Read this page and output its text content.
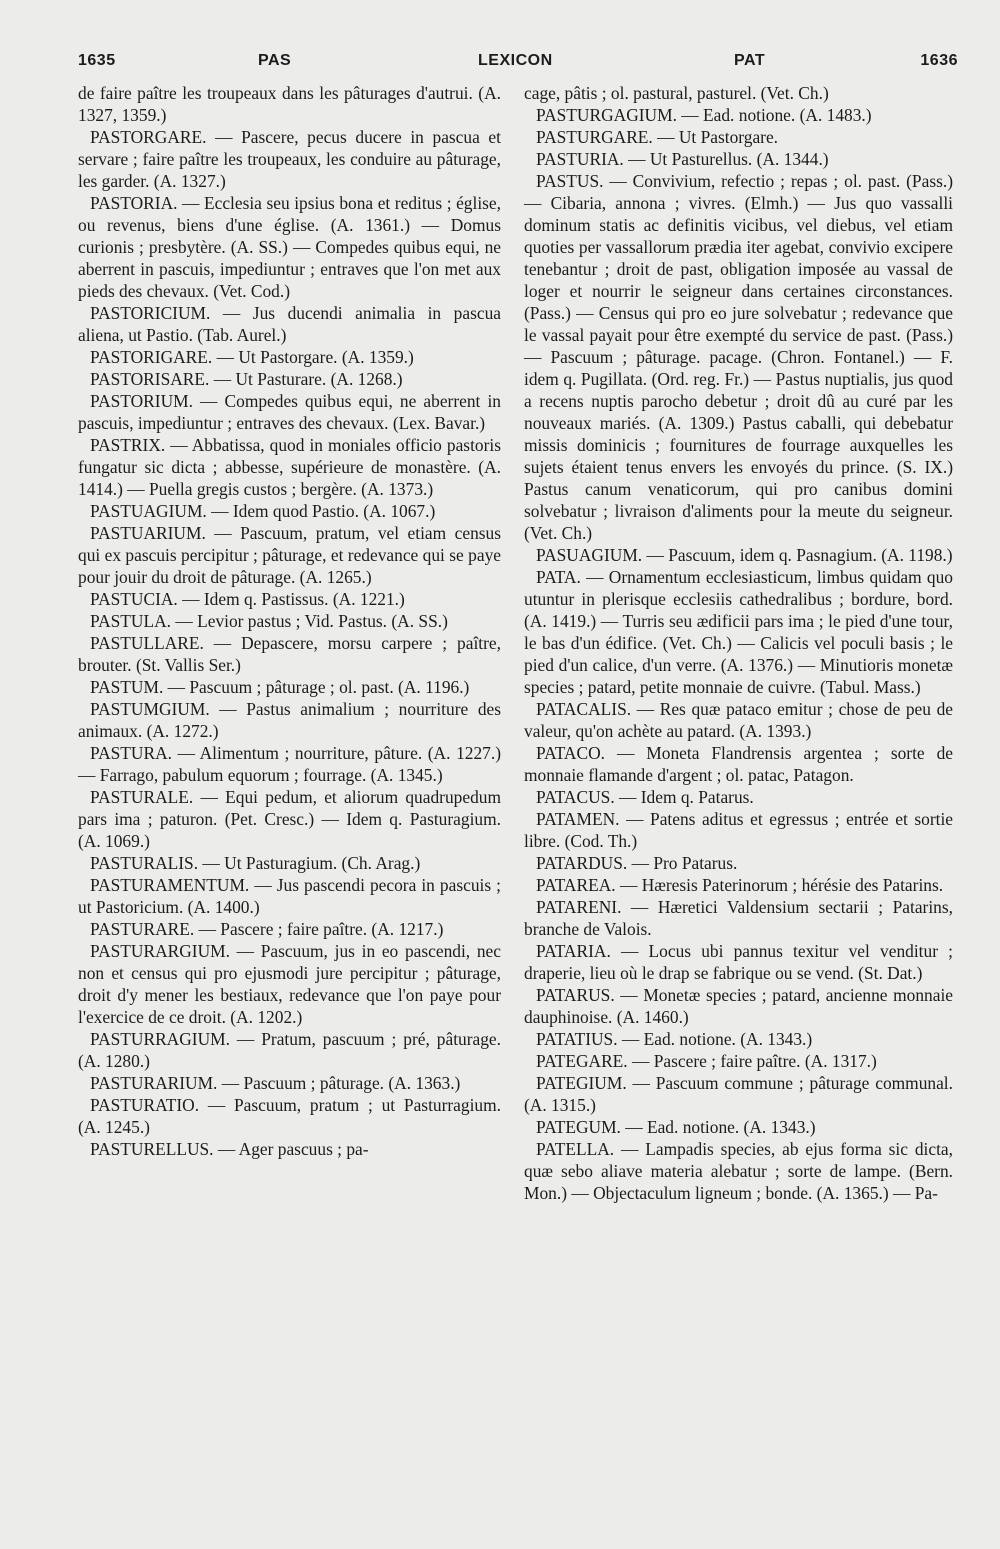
1635	PAS	LEXICON	PAT	1636

de faire paître les troupeaux dans les pâturages d'autrui. (A. 1327, 1359.)

PASTORGARE. — Pascere, pecus ducere in pascua et servare ; faire paître les troupeaux, les conduire au pâturage, les garder. (A. 1327.)

PASTORIA. — Ecclesia seu ipsius bona et reditus ; église, ou revenus, biens d'une église. (A. 1361.) — Domus curionis ; presbytère. (A. SS.) — Compedes quibus equi, ne aberrent in pascuis, impediuntur ; entraves que l'on met aux pieds des chevaux. (Vet. Cod.)

PASTORICIUM. — Jus ducendi animalia in pascua aliena, ut Pastio. (Tab. Aurel.)

PASTORIGARE. — Ut Pastorgare. (A. 1359.)

PASTORISARE. — Ut Pasturare. (A. 1268.)

PASTORIUM. — Compedes quibus equi, ne aberrent in pascuis, impediuntur ; entraves des chevaux. (Lex. Bavar.)

PASTRIX. — Abbatissa, quod in moniales officio pastoris fungatur sic dicta ; abbesse, supérieure de monastère. (A. 1414.) — Puella gregis custos ; bergère. (A. 1373.)

PASTUAGIUM. — Idem quod Pastio. (A. 1067.)

PASTUARIUM. — Pascuum, pratum, vel etiam census qui ex pascuis percipitur ; pâturage, et redevance qui se paye pour jouir du droit de pâturage. (A. 1265.)

PASTUCIA. — Idem q. Pastissus. (A. 1221.)

PASTULA. — Levior pastus ; Vid. Pastus. (A. SS.)

PASTULLARE. — Depascere, morsu carpere ; paître, brouter. (St. Vallis Ser.)

PASTUM. — Pascuum ; pâturage ; ol. past. (A. 1196.)

PASTUMGIUM. — Pastus animalium ; nourriture des animaux. (A. 1272.)

PASTURA. — Alimentum ; nourriture, pâture. (A. 1227.) — Farrago, pabulum equorum ; fourrage. (A. 1345.)

PASTURALE. — Equi pedum, et aliorum quadrupedum pars ima ; paturon. (Pet. Cresc.) — Idem q. Pasturagium. (A. 1069.)

PASTURALIS. — Ut Pasturagium. (Ch. Arag.)

PASTURAMENTUM. — Jus pascendi pecora in pascuis ; ut Pastoricium. (A. 1400.)

PASTURARE. — Pascere ; faire paître. (A. 1217.)

PASTURARGIUM. — Pascuum, jus in eo pascendi, nec non et census qui pro ejusmodi jure percipitur ; pâturage, droit d'y mener les bestiaux, redevance que l'on paye pour l'exercice de ce droit. (A. 1202.)

PASTURRAGIUM. — Pratum, pascuum ; pré, pâturage. (A. 1280.)

PASTURARIUM. — Pascuum ; pâturage. (A. 1363.)

PASTURATIO. — Pascuum, pratum ; ut Pasturragium. (A. 1245.)

PASTURELLUS. — Ager pascuus ; pa-

cage, pâtis ; ol. pastural, pasturel. (Vet. Ch.)

PASTURGAGIUM. — Ead. notione. (A. 1483.)

PASTURGARE. — Ut Pastorgare.

PASTURIA. — Ut Pasturellus. (A. 1344.)

PASTUS. — Convivium, refectio ; repas ; ol. past. (Pass.) — Cibaria, annona ; vivres. (Elmh.) — Jus quo vassalli dominum statis ac definitis vicibus, vel diebus, vel etiam quoties per vassallorum prædia iter agebat, convivio excipere tenebantur ; droit de past, obligation imposée au vassal de loger et nourrir le seigneur dans certaines circonstances. (Pass.) — Census qui pro eo jure solvebatur ; redevance que le vassal payait pour être exempté du service de past. (Pass.) — Pascuum ; pâturage. pacage. (Chron. Fontanel.) — F. idem q. Pugillata. (Ord. reg. Fr.) — Pastus nuptialis, jus quod a recens nuptis parocho debetur ; droit dû au curé par les nouveaux mariés. (A. 1309.) Pastus caballi, qui debebatur missis dominicis ; fournitures de fourrage auxquelles les sujets étaient tenus envers les envoyés du prince. (S. IX.) Pastus canum venaticorum, qui pro canibus domini solvebatur ; livraison d'aliments pour la meute du seigneur. (Vet. Ch.)

PASUAGIUM. — Pascuum, idem q. Pasnagium. (A. 1198.)

PATA. — Ornamentum ecclesiasticum, limbus quidam quo utuntur in plerisque ecclesiis cathedralibus ; bordure, bord. (A. 1419.) — Turris seu ædificii pars ima ; le pied d'une tour, le bas d'un édifice. (Vet. Ch.) — Calicis vel poculi basis ; le pied d'un calice, d'un verre. (A. 1376.) — Minutioris monetæ species ; patard, petite monnaie de cuivre. (Tabul. Mass.)

PATACALIS. — Res quæ pataco emitur ; chose de peu de valeur, qu'on achète au patard. (A. 1393.)

PATACO. — Moneta Flandrensis argentea ; sorte de monnaie flamande d'argent ; ol. patac, Patagon.

PATACUS. — Idem q. Patarus.

PATAMEN. — Patens aditus et egressus ; entrée et sortie libre. (Cod. Th.)

PATARDUS. — Pro Patarus.

PATAREA. — Hæresis Paterinorum ; hérésie des Patarins.

PATARENI. — Hæretici Valdensium sectarii ; Patarins, branche de Valois.

PATARIA. — Locus ubi pannus texitur vel venditur ; draperie, lieu où le drap se fabrique ou se vend. (St. Dat.)

PATARUS. — Monetæ species ; patard, ancienne monnaie dauphinoise. (A. 1460.)

PATATIUS. — Ead. notione. (A. 1343.)

PATEGARE. — Pascere ; faire paître. (A. 1317.)

PATEGIUM. — Pascuum commune ; pâturage communal. (A. 1315.)

PATEGUM. — Ead. notione. (A. 1343.)

PATELLA. — Lampadis species, ab ejus forma sic dicta, quæ sebo aliave materia alebatur ; sorte de lampe. (Bern. Mon.) — Objectaculum ligneum ; bonde. (A. 1365.) — Pa-
